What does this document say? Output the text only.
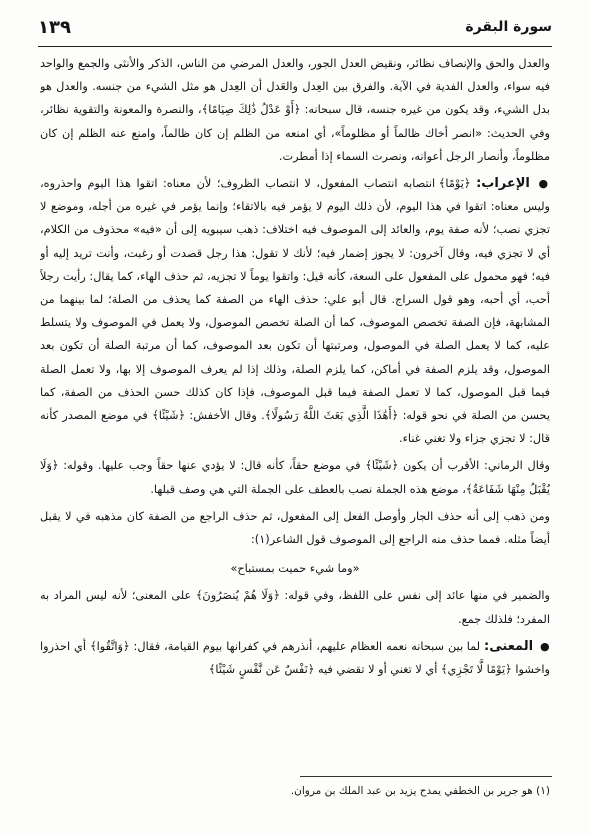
سورة البقرة
١٣٩

والعدل والحق والإنصاف نظائر، ونقيض العدل الجور، والعدل المرضي من الناس، الذكر والأنثى والجمع والواحد فيه سواء، والعدل الفدية في الآية. والفرق بين العِدل والعَدل أن العِدل هو مثل الشيء من جنسه. والعدل هو بدل الشيء، وقد يكون من غيره جنسه، قال سبحانه: ﴿أَوْ عَدْلُ ذَٰلِكَ صِيَامًا﴾، والنصرة والمعونة والتقوية نظائر، وفي الحديث: «انصر أخاك ظالماً أو مظلوماً»، أي امنعه من الظلم إن كان ظالماً، وامنع عنه الظلم إن كان مظلوماً، وأنصار الرجل أعوانه، ونصرت السماء إذا أمطرت.

● الإعراب: ﴿يَوْمًا﴾ انتصابه انتصاب المفعول، لا انتصاب الظروف؛ لأن معناه: اتقوا هذا اليوم واحذروه، وليس معناه: اتقوا في هذا اليوم، لأن ذلك اليوم لا يؤمر فيه بالاتقاء؛ وإنما يؤمر في غيره من أجله، وموضع لا تجزي نصب؛ لأنه صفة يوم، والعائد إلى الموصوف فيه اختلاف: ذهب سيبويه إلى أن «فيه» محذوف من الكلام، أي لا تجزي فيه، وقال آخرون: لا يجوز إضمار فيه؛ لأنك لا تقول: هذا رجل قصدت أو رغبت، وأنت تريد إليه أو فيه؛ فهو محمول على المفعول على السعة، كأنه قيل: واتقوا يوماً لا تجزيه، ثم حذف الهاء، كما يقال: رأيت رجلاً أحب، أي أحبه، وهو قول السراج. قال أبو علي: حذف الهاء من الصفة كما يحذف من الصلة؛ لما بينهما من المشابهة، فإن الصفة تخصص الموصوف، كما أن الصلة تخصص الموصول، ولا يعمل في الموصوف ولا يتسلط عليه، كما لا يعمل الصلة في الموصول، ومرتبتها أن تكون بعد الموصوف، كما أن مرتبة الصلة أن تكون بعد الموصول، وقد يلزم الصفة في أماكن، كما يلزم الصلة، وذلك إذا لم يعرف الموصوف إلا بها، ولا تعمل الصلة فيما قبل الموصول، كما لا تعمل الصفة فيما قبل الموصوف، فإذا كان كذلك حسن الحذف من الصفة، كما يحسن من الصلة في نحو قوله: ﴿أَهَٰذَا الَّذِي بَعَثَ اللَّهُ رَسُولًا﴾. وقال الأخفش: ﴿شَيْئًا﴾ في موضع المصدر كأنه قال: لا تجزي جزاء ولا تغني غناء.

وقال الرماني: الأقرب أن يكون ﴿شَيْئًا﴾ في موضع حقاً، كأنه قال: لا يؤدي عنها حقاً وجب عليها. وقوله: ﴿وَلَا يُقْبَلُ مِنْهَا شَفَاعَةٌ﴾، موضع هذه الجملة نصب بالعطف على الجملة التي هي وصف قبلها.

ومن ذهب إلى أنه حذف الجار وأوصل الفعل إلى المفعول، ثم حذف الراجع من الصفة كان مذهبه في لا يقبل أيضاً مثله. فمما حذف منه الراجع إلى الموصوف قول الشاعر(١):

«وما شيء حميت بمستباح»

والضمير في منها عائد إلى نفس على اللفظ، وفي قوله: ﴿وَلَا هُمْ يُنصَرُونَ﴾ على المعنى؛ لأنه ليس المراد به المفرد؛ فلذلك جمع.

● المعنى: لما بين سبحانه نعمه العظام عليهم، أنذرهم في كفرانها بيوم القيامة، فقال: ﴿وَاتَّقُوا﴾ أي احذروا واخشوا ﴿يَوْمًا لَّا تَجْزِي﴾ أي لا تغني أو لا تقضي فيه ﴿نَفْسٌ عَن نَّفْسٍ شَيْئًا﴾

(١) هو جرير بن الخطفي يمدح يزيد بن عبد الملك بن مروان.
